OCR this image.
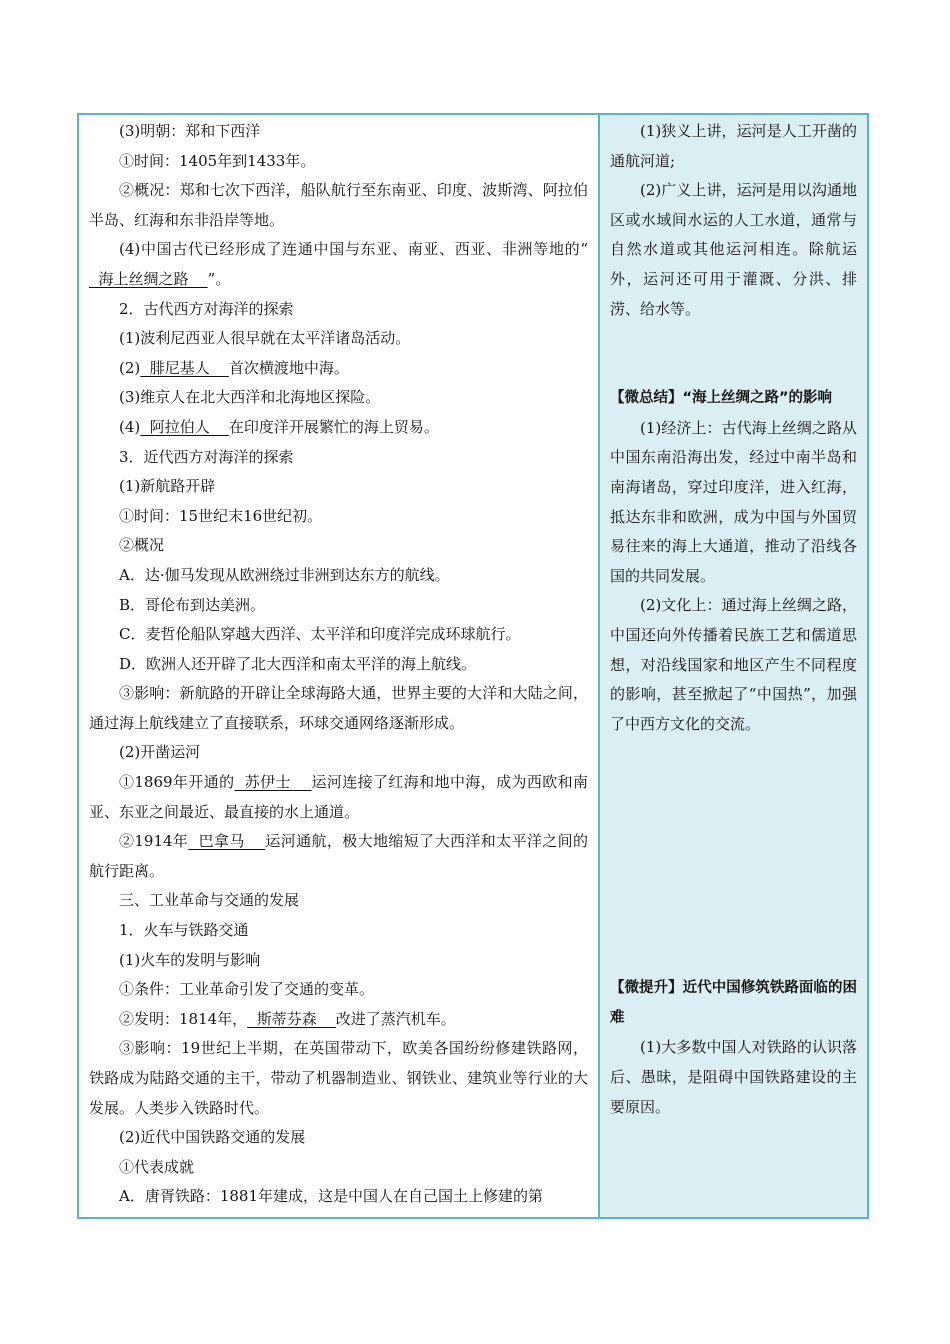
(3)明朝：郑和下西洋

①时间：1405年到1433年。

②概况：郑和七次下西洋，船队航行至东南亚、印度、波斯湾、阿拉伯半岛、红海和东非沿岸等地。

(4)中国古代已经形成了连通中国与东亚、南亚、西亚、非洲等地的“  海上丝绸之路    ”。

2．古代西方对海洋的探索

(1)波利尼西亚人很早就在太平洋诸岛活动。

(2)  腓尼基人    首次横渡地中海。

(3)维京人在北大西洋和北海地区探险。

(4)  阿拉伯人    在印度洋开展繁忙的海上贸易。

3．近代西方对海洋的探索

(1)新航路开辟

①时间：15世纪末16世纪初。

②概况

A．达·伽马发现从欧洲绕过非洲到达东方的航线。

B．哥伦布到达美洲。

C．麦哲伦船队穿越大西洋、太平洋和印度洋完成环球航行。

D．欧洲人还开辟了北大西洋和南太平洋的海上航线。

③影响：新航路的开辟让全球海路大通，世界主要的大洋和大陆之间，通过海上航线建立了直接联系，环球交通网络逐渐形成。

(2)开凿运河

①1869年开通的  苏伊士    运河连接了红海和地中海，成为西欧和南亚、东亚之间最近、最直接的水上通道。

②1914年  巴拿马    运河通航，极大地缩短了大西洋和太平洋之间的航行距离。

三、工业革命与交通的发展

1．火车与铁路交通

(1)火车的发明与影响

①条件：工业革命引发了交通的变革。

②发明：1814年，  斯蒂芬森    改进了蒸汽机车。

③影响：19世纪上半期，在英国带动下，欧美各国纷纷修建铁路网，铁路成为陆路交通的主干，带动了机器制造业、钢铁业、建筑业等行业的大发展。人类步入铁路时代。

(2)近代中国铁路交通的发展

①代表成就

A．唐胥铁路：1881年建成，这是中国人在自己国土上修建的第

(1)狭义上讲，运河是人工开凿的通航河道;

(2)广义上讲，运河是用以沟通地区或水域间水运的人工水道，通常与自然水道或其他运河相连。除航运外，运河还可用于灌溉、分洪、排涝、给水等。

【微总结】“海上丝绸之路”的影响

(1)经济上：古代海上丝绸之路从中国东南沿海出发，经过中南半岛和南海诸岛，穿过印度洋，进入红海，抵达东非和欧洲，成为中国与外国贸易往来的海上大通道，推动了沿线各国的共同发展。

(2)文化上：通过海上丝绸之路，中国还向外传播着民族工艺和儒道思想，对沿线国家和地区产生不同程度的影响，甚至掀起了“中国热”，加强了中西方文化的交流。

【微提升】近代中国修筑铁路面临的困难

(1)大多数中国人对铁路的认识落后、愚昧，是阻碍中国铁路建设的主要原因。
